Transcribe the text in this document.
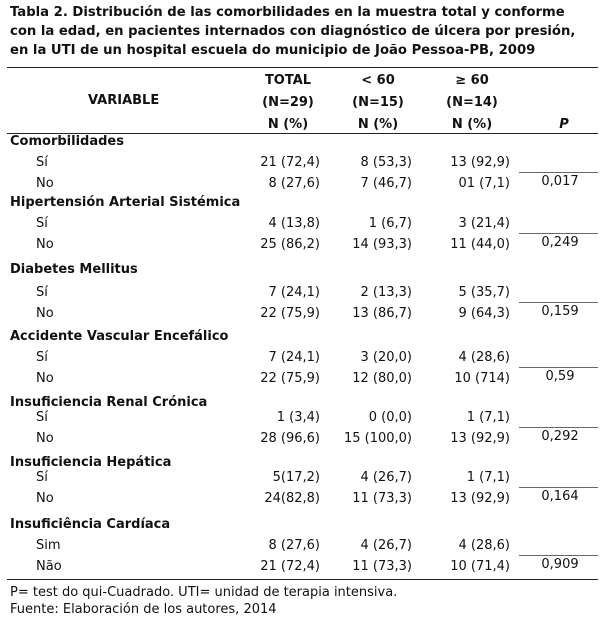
Tabla 2. Distribución de las comorbilidades en la muestra total y conforme
con la edad, en pacientes internados con diagnóstico de úlcera por presión,
en la UTI de un hospital escuela do municipio de João Pessoa-PB, 2009
VARIABLE
TOTAL
(N=29)
< 60
(N=15)
≥ 60
(N=14)
N (%)	N (%)	N (%)	P
Comorbilidades
Sí	21 (72,4)	8 (53,3)	13 (92,9)
No	8 (27,6)	7 (46,7)	01 (7,1)	0,017
Hipertensión Arterial Sistémica
Sí	4 (13,8)	1 (6,7)	3 (21,4)
No	25 (86,2)	14 (93,3)	11 (44,0)	0,249
Diabetes Mellitus
Sí	7 (24,1)	2 (13,3)	5 (35,7)
No	22 (75,9)	13 (86,7)	9 (64,3)	0,159
Accidente Vascular Encefálico
Sí	7 (24,1)	3 (20,0)	4 (28,6)
No	22 (75,9)	12 (80,0)	10 (714)	0,59
Insuficiencia Renal Crónica
Sí	1 (3,4)	0 (0,0)	1 (7,1)
No	28 (96,6)	15 (100,0)	13 (92,9)	0,292
Insuficiencia Hepática
Sí	5(17,2)	4 (26,7)	1 (7,1)
No	24(82,8)	11 (73,3)	13 (92,9)	0,164
Insuficiência Cardíaca
Sim	8 (27,6)	4 (26,7)	4 (28,6)
Não	21 (72,4)	11 (73,3)	10 (71,4)	0,909
P= test do qui-Cuadrado. UTI= unidad de terapia intensiva.
Fuente: Elaboración de los autores, 2014
